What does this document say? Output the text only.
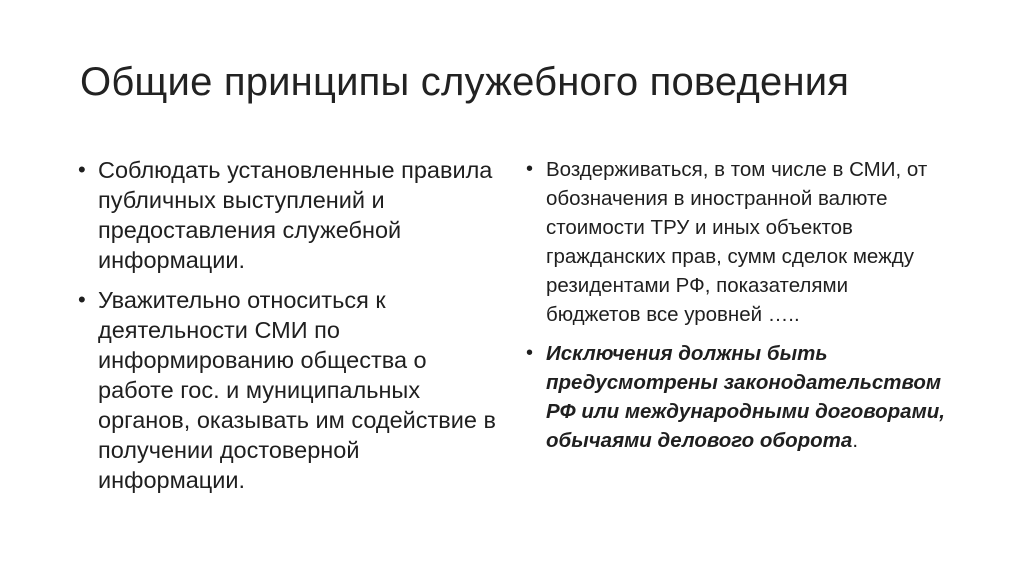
Общие принципы служебного поведения
• Соблюдать установленные правила публичных выступлений и предоставления служебной информации.
• Уважительно относиться к деятельности СМИ по информированию общества о работе гос. и муниципальных органов, оказывать им содействие в получении достоверной информации.
• Воздерживаться, в том числе в СМИ, от обозначения в иностранной валюте стоимости ТРУ и иных объектов гражданских прав, сумм сделок между резидентами РФ, показателями бюджетов все уровней …..
• Исключения должны быть предусмотрены законодательством РФ или международными договорами, обычаями делового оборота.
